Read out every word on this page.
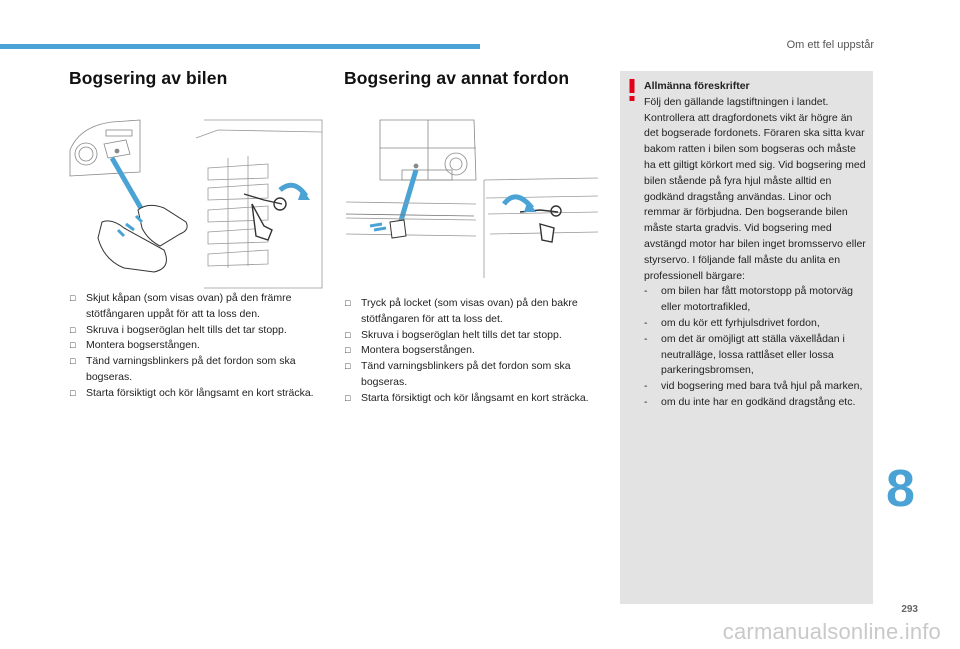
Om ett fel uppstår
Bogsering av bilen	Bogsering av annat fordon
□ Skjut kåpan (som visas ovan) på den främre stötfångaren uppåt för att ta loss den.
□ Skruva i bogseröglan helt tills det tar stopp.
□ Montera bogserstången.
□ Tänd varningsblinkers på det fordon som ska bogseras.
□ Starta försiktigt och kör långsamt en kort sträcka.
□ Tryck på locket (som visas ovan) på den bakre stötfångaren för att ta loss det.
□ Skruva i bogseröglan helt tills det tar stopp.
□ Montera bogserstången.
□ Tänd varningsblinkers på det fordon som ska bogseras.
□ Starta försiktigt och kör långsamt en kort sträcka.
Allmänna föreskrifter
Följ den gällande lagstiftningen i landet. Kontrollera att dragfordonets vikt är högre än det bogserade fordonets. Föraren ska sitta kvar bakom ratten i bilen som bogseras och måste ha ett giltigt körkort med sig. Vid bogsering med bilen stående på fyra hjul måste alltid en godkänd dragstång användas. Linor och remmar är förbjudna. Den bogserande bilen måste starta gradvis. Vid bogsering med avstängd motor har bilen inget bromsservo eller styrservo. I följande fall måste du anlita en professionell bärgare:
- om bilen har fått motorstopp på motorväg eller motortrafikled,
- om du kör ett fyrhjulsdrivet fordon,
- om det är omöjligt att ställa växellådan i neutralläge, lossa rattlåset eller lossa parkeringsbromsen,
- vid bogsering med bara två hjul på marken,
- om du inte har en godkänd dragstång etc.
8
293
carmanualsonline.info
